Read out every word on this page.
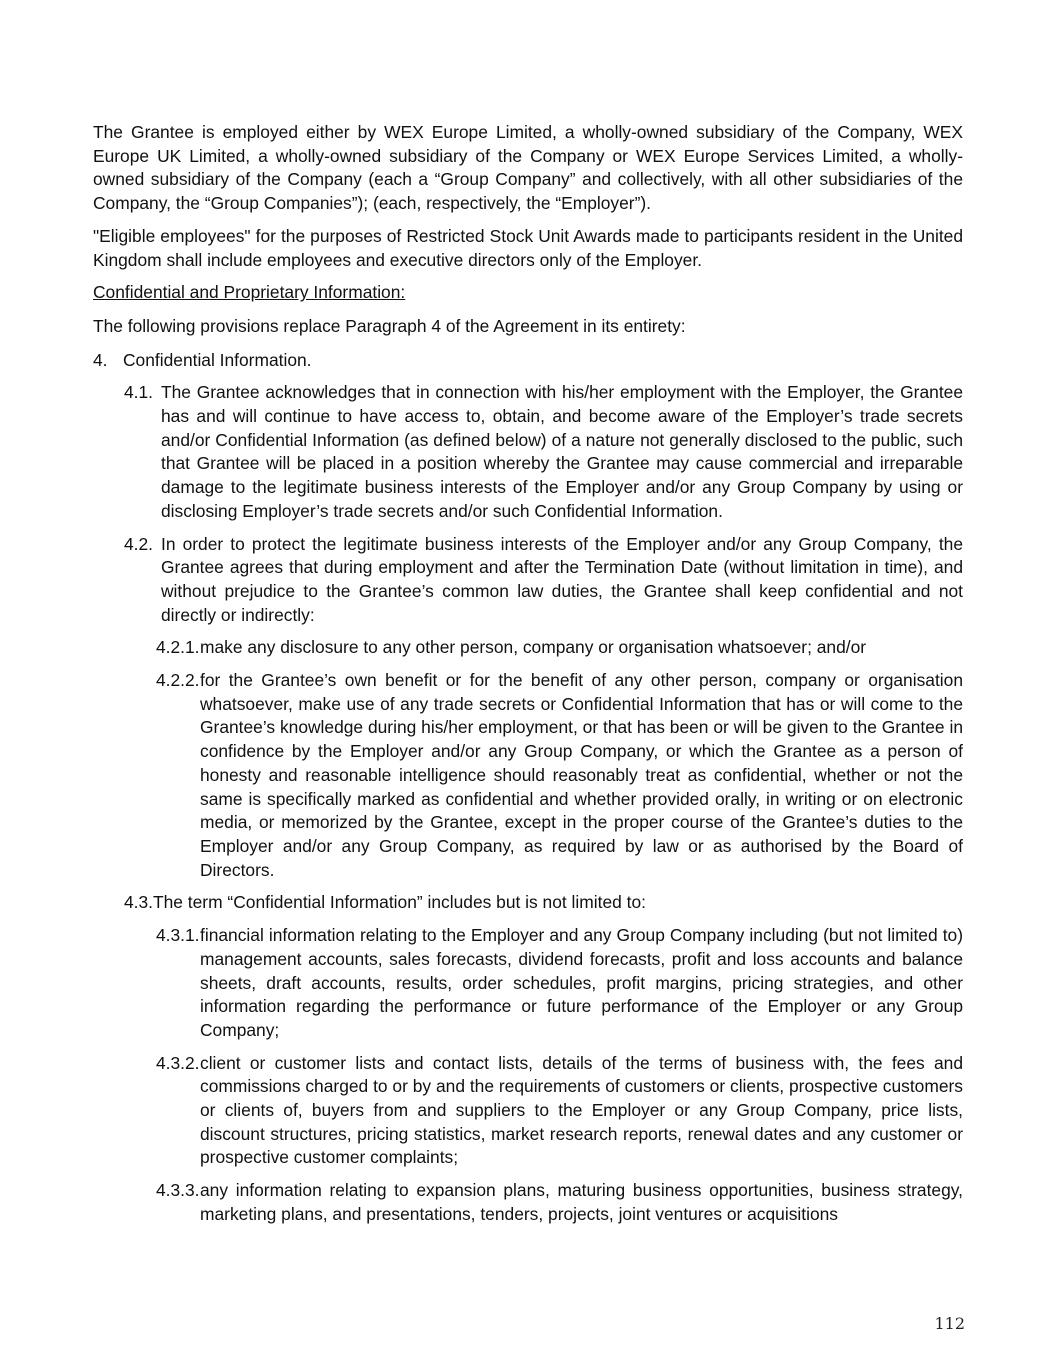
The Grantee is employed either by WEX Europe Limited, a wholly-owned subsidiary of the Company, WEX Europe UK Limited, a wholly-owned subsidiary of the Company or WEX Europe Services Limited, a wholly-owned subsidiary of the Company (each a “Group Company” and collectively, with all other subsidiaries of the Company, the “Group Companies”); (each, respectively, the “Employer”).

"Eligible employees" for the purposes of Restricted Stock Unit Awards made to participants resident in the United Kingdom shall include employees and executive directors only of the Employer.

Confidential and Proprietary Information:

The following provisions replace Paragraph 4 of the Agreement in its entirety:

4. Confidential Information.

4.1. The Grantee acknowledges that in connection with his/her employment with the Employer, the Grantee has and will continue to have access to, obtain, and become aware of the Employer’s trade secrets and/or Confidential Information (as defined below) of a nature not generally disclosed to the public, such that Grantee will be placed in a position whereby the Grantee may cause commercial and irreparable damage to the legitimate business interests of the Employer and/or any Group Company by using or disclosing Employer’s trade secrets and/or such Confidential Information.

4.2. In order to protect the legitimate business interests of the Employer and/or any Group Company, the Grantee agrees that during employment and after the Termination Date (without limitation in time), and without prejudice to the Grantee’s common law duties, the Grantee shall keep confidential and not directly or indirectly:

4.2.1. make any disclosure to any other person, company or organisation whatsoever; and/or

4.2.2. for the Grantee’s own benefit or for the benefit of any other person, company or organisation whatsoever, make use of any trade secrets or Confidential Information that has or will come to the Grantee’s knowledge during his/her employment, or that has been or will be given to the Grantee in confidence by the Employer and/or any Group Company, or which the Grantee as a person of honesty and reasonable intelligence should reasonably treat as confidential, whether or not the same is specifically marked as confidential and whether provided orally, in writing or on electronic media, or memorized by the Grantee, except in the proper course of the Grantee’s duties to the Employer and/or any Group Company, as required by law or as authorised by the Board of Directors.

4.3.The term “Confidential Information” includes but is not limited to:

4.3.1. financial information relating to the Employer and any Group Company including (but not limited to) management accounts, sales forecasts, dividend forecasts, profit and loss accounts and balance sheets, draft accounts, results, order schedules, profit margins, pricing strategies, and other information regarding the performance or future performance of the Employer or any Group Company;

4.3.2. client or customer lists and contact lists, details of the terms of business with, the fees and commissions charged to or by and the requirements of customers or clients, prospective customers or clients of, buyers from and suppliers to the Employer or any Group Company, price lists, discount structures, pricing statistics, market research reports, renewal dates and any customer or prospective customer complaints;

4.3.3. any information relating to expansion plans, maturing business opportunities, business strategy, marketing plans, and presentations, tenders, projects, joint ventures or acquisitions

112
